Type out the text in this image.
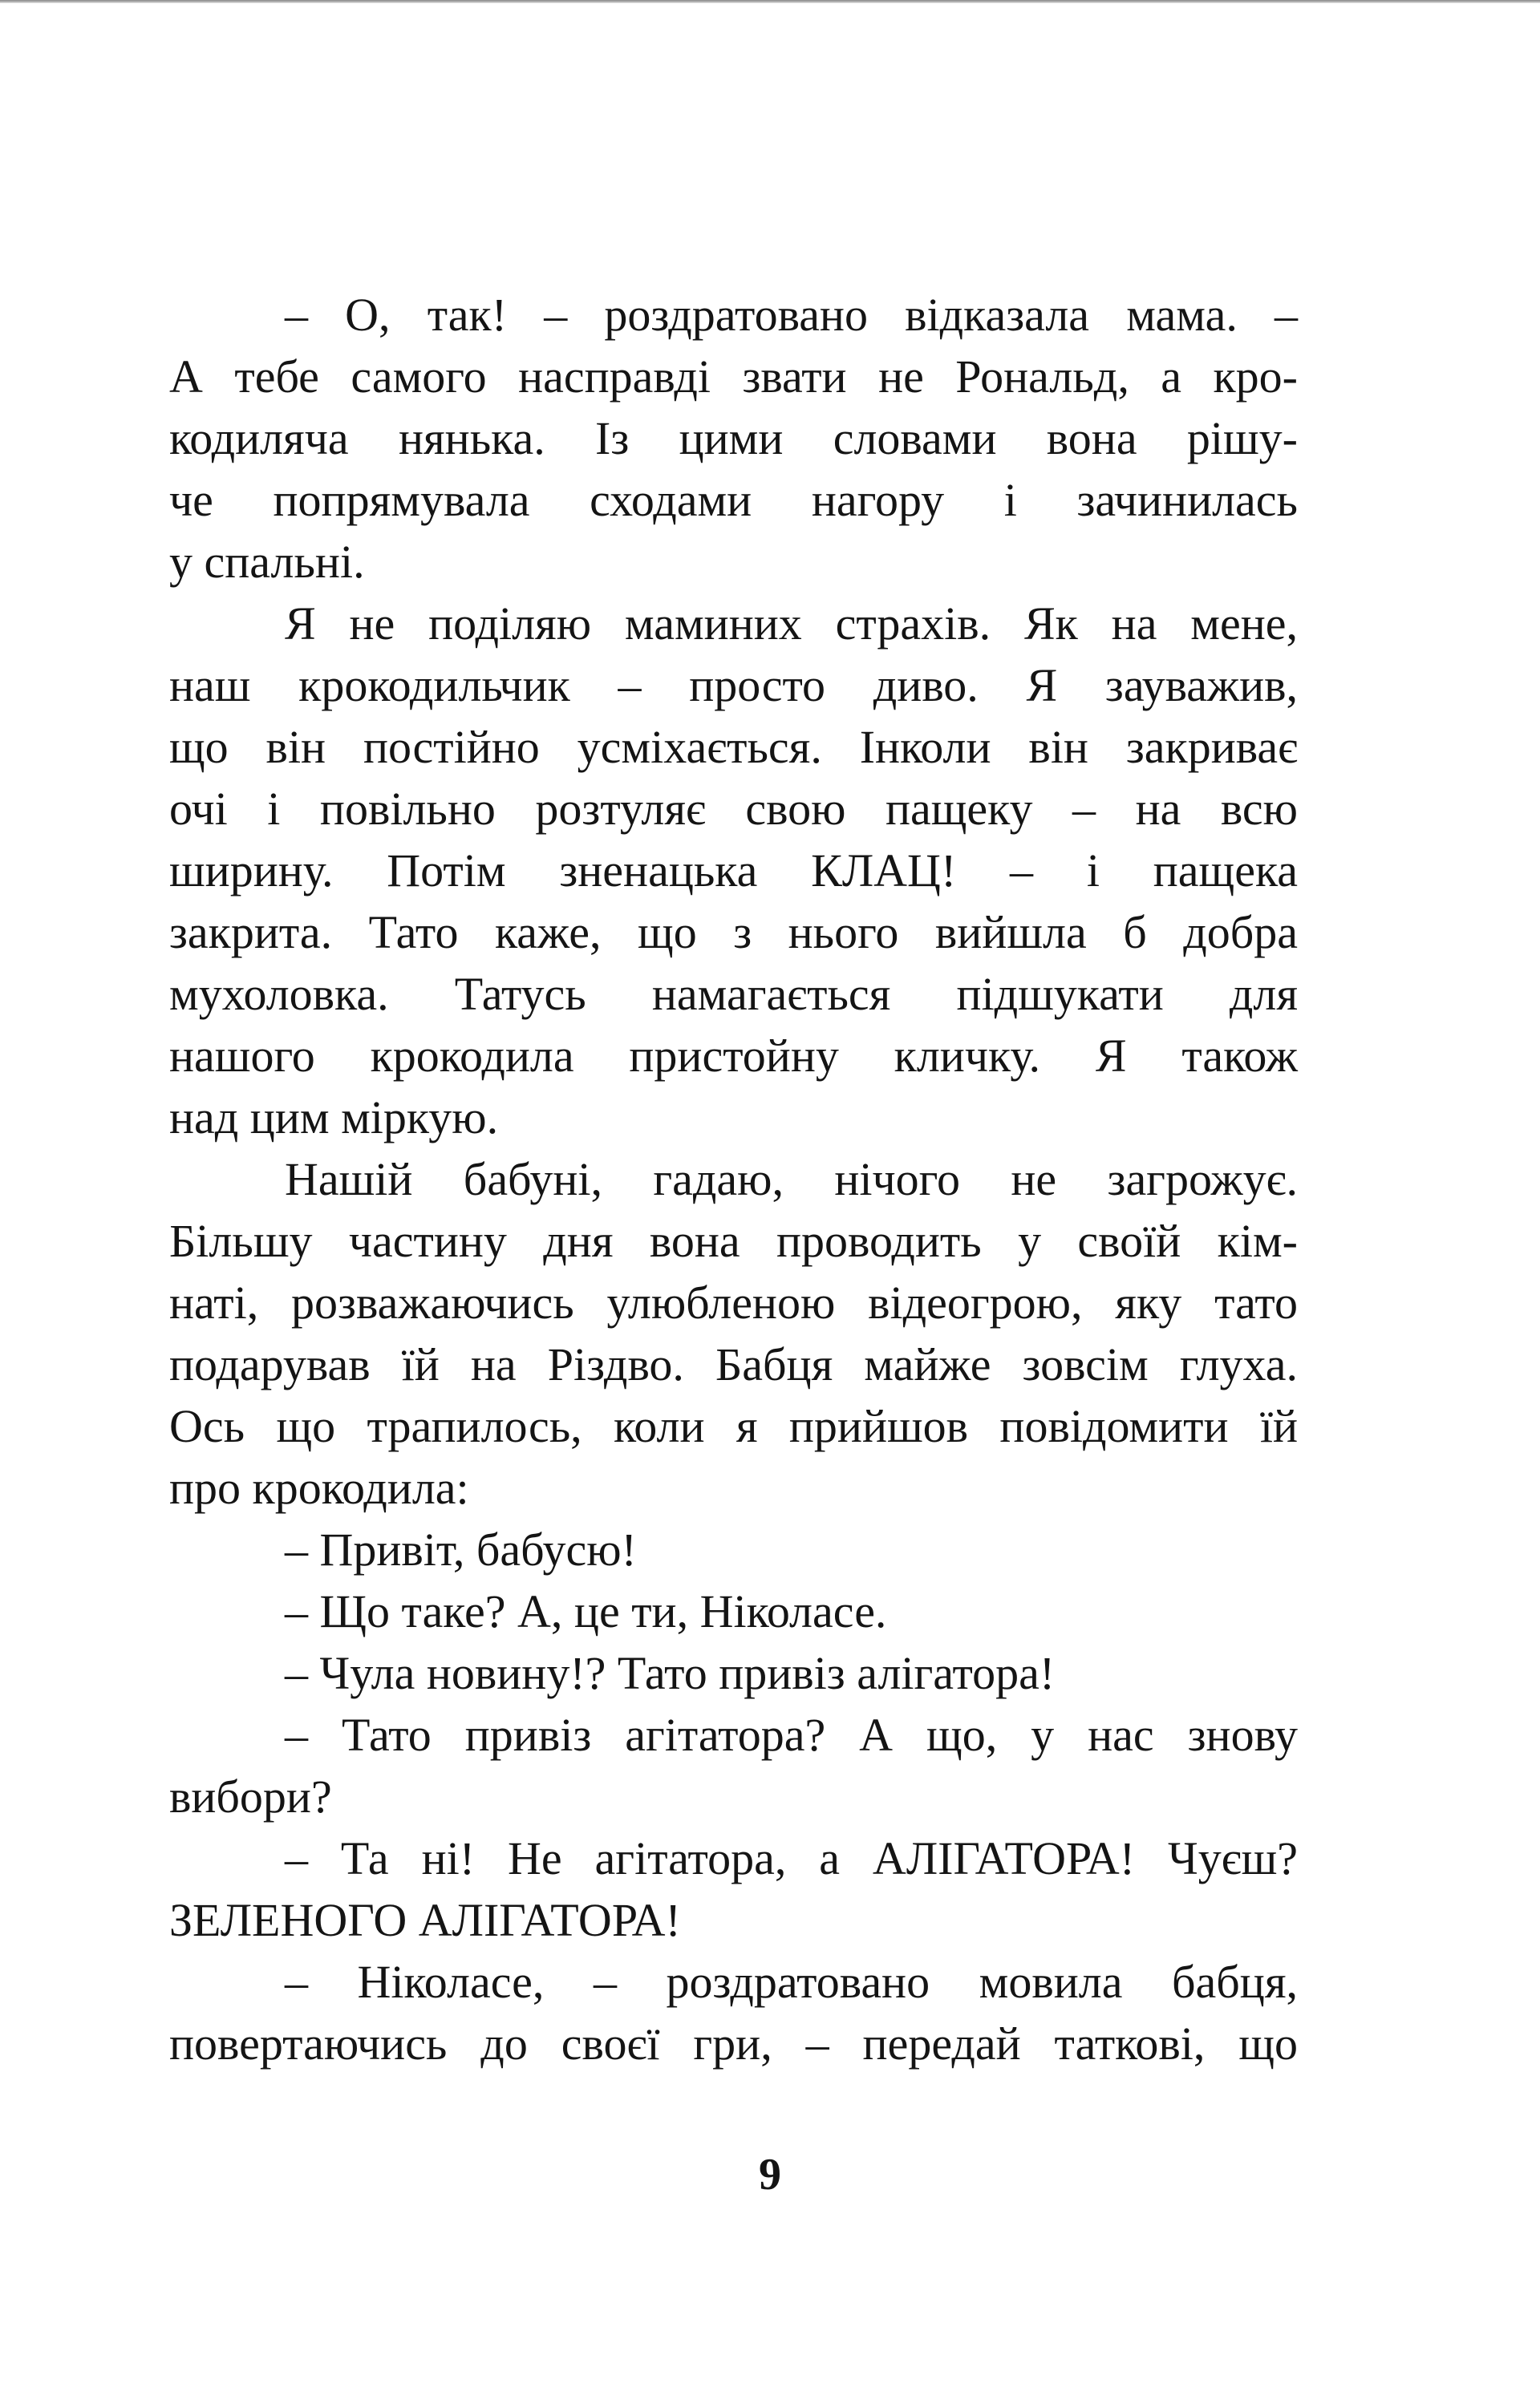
– О, так! – роздратовано відказала мама. –
А тебе самого насправді звати не Рональд, а кро-
кодиляча нянька. Із цими словами вона рішу-
че попрямувала сходами нагору і зачинилась
у спальні.
Я не поділяю маминих страхів. Як на мене,
наш крокодильчик – просто диво. Я зауважив,
що він постійно усміхається. Інколи він закриває
очі і повільно розтуляє свою пащеку – на всю
ширину. Потім зненацька КЛАЦ! – і пащека
закрита. Тато каже, що з нього вийшла б добра
мухоловка. Татусь намагається підшукати для
нашого крокодила пристойну кличку. Я також
над цим міркую.
Нашій бабуні, гадаю, нічого не загрожує.
Більшу частину дня вона проводить у своїй кім-
наті, розважаючись улюбленою відеогрою, яку тато
подарував їй на Різдво. Бабця майже зовсім глуха.
Ось що трапилось, коли я прийшов повідомити їй
про крокодила:
– Привіт, бабусю!
– Що таке? А, це ти, Ніколасе.
– Чула новину!? Тато привіз алігатора!
– Тато привіз агітатора? А що, у нас знову
вибори?
– Та ні! Не агітатора, а АЛІГАТОРА! Чуєш?
ЗЕЛЕНОГО АЛІГАТОРА!
– Ніколасе, – роздратовано мовила бабця,
повертаючись до своєї гри, – передай таткові, що
9
